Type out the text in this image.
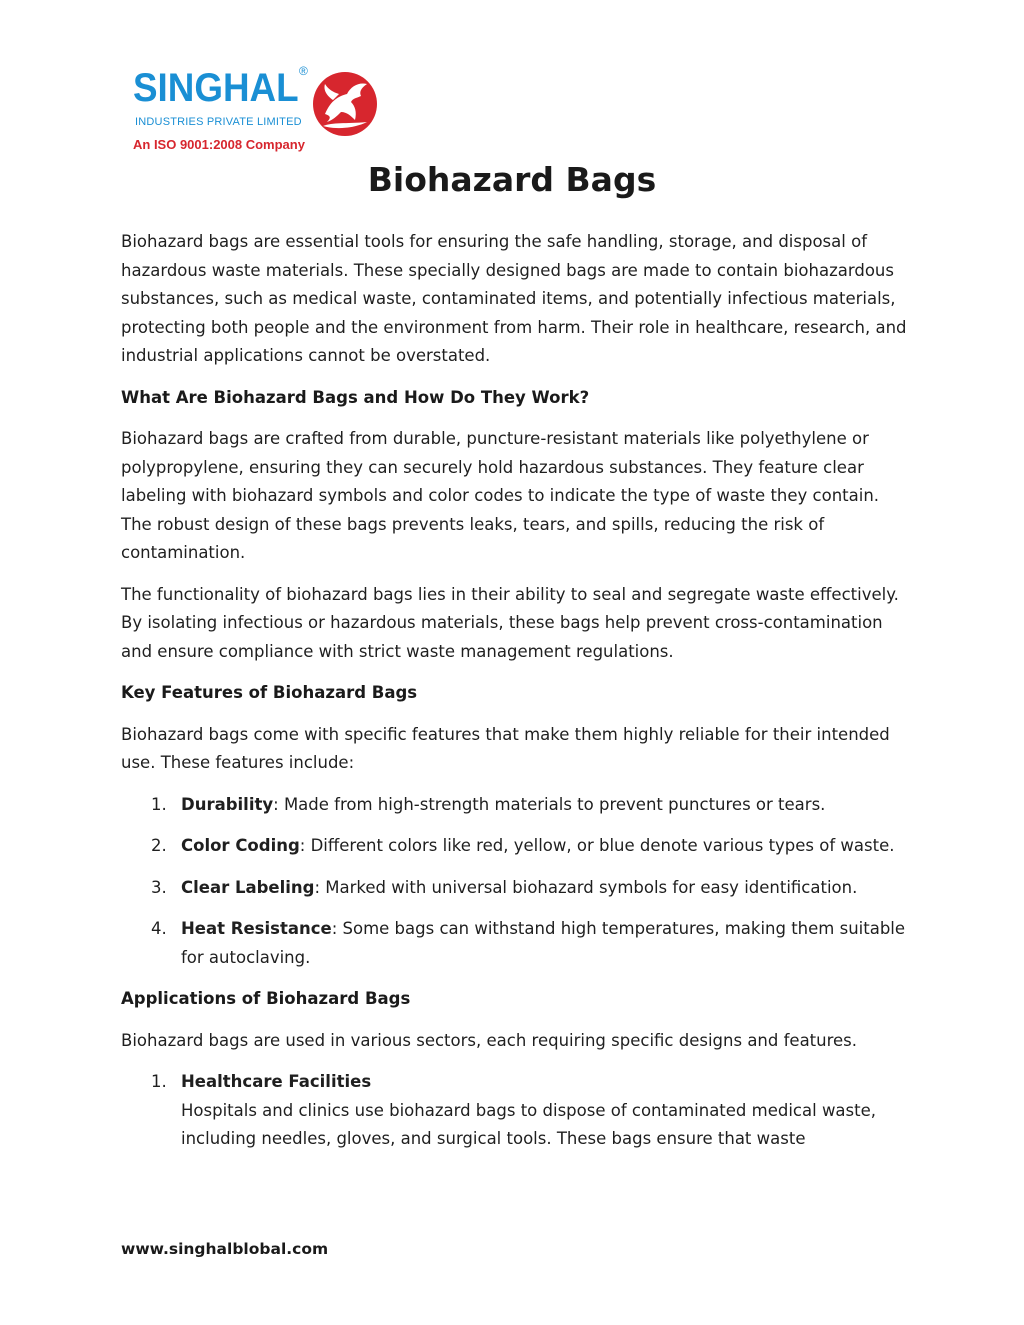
SINGHAL ®
INDUSTRIES PRIVATE LIMITED
An ISO 9001:2008 Company
Biohazard Bags

Biohazard bags are essential tools for ensuring the safe handling, storage, and disposal of hazardous waste materials. These specially designed bags are made to contain biohazardous substances, such as medical waste, contaminated items, and potentially infectious materials, protecting both people and the environment from harm. Their role in healthcare, research, and industrial applications cannot be overstated.

What Are Biohazard Bags and How Do They Work?

Biohazard bags are crafted from durable, puncture-resistant materials like polyethylene or polypropylene, ensuring they can securely hold hazardous substances. They feature clear labeling with biohazard symbols and color codes to indicate the type of waste they contain. The robust design of these bags prevents leaks, tears, and spills, reducing the risk of contamination.

The functionality of biohazard bags lies in their ability to seal and segregate waste effectively. By isolating infectious or hazardous materials, these bags help prevent cross-contamination and ensure compliance with strict waste management regulations.

Key Features of Biohazard Bags

Biohazard bags come with specific features that make them highly reliable for their intended use. These features include:

1. Durability: Made from high-strength materials to prevent punctures or tears.
2. Color Coding: Different colors like red, yellow, or blue denote various types of waste.
3. Clear Labeling: Marked with universal biohazard symbols for easy identification.
4. Heat Resistance: Some bags can withstand high temperatures, making them suitable for autoclaving.

Applications of Biohazard Bags

Biohazard bags are used in various sectors, each requiring specific designs and features.

1. Healthcare Facilities
Hospitals and clinics use biohazard bags to dispose of contaminated medical waste, including needles, gloves, and surgical tools. These bags ensure that waste
www.singhalblobal.com
